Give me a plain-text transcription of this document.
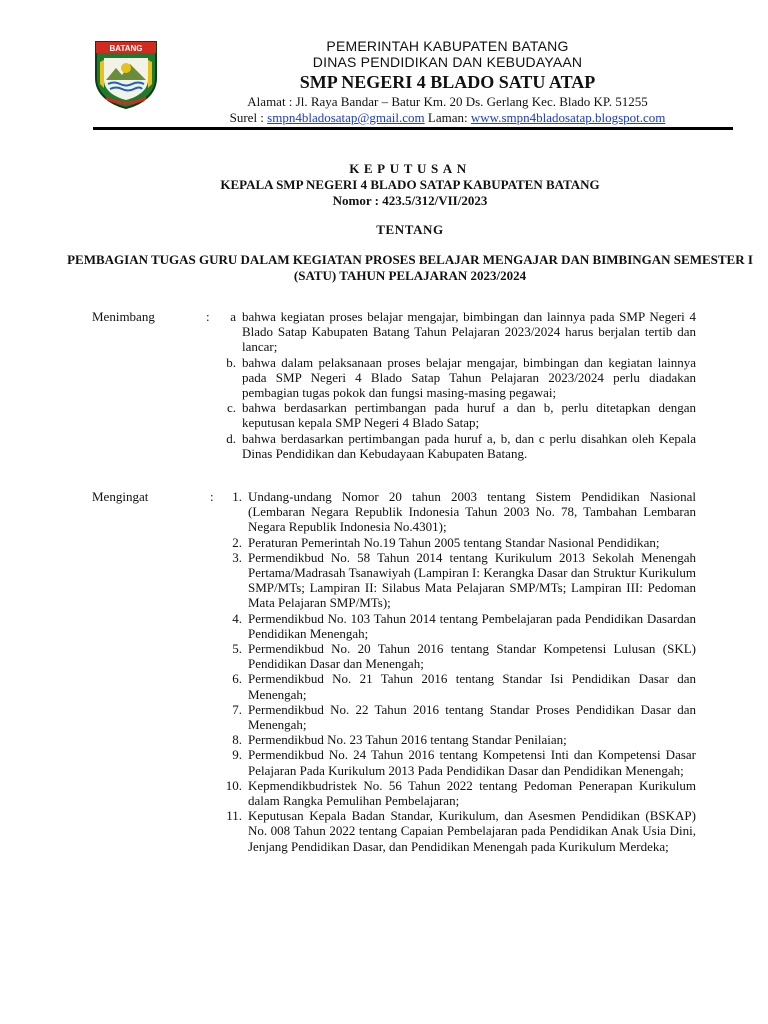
BATANG	PEMERINTAH KABUPATEN BATANG
DINAS PENDIDIKAN DAN KEBUDAYAAN
SMP NEGERI 4 BLADO SATU ATAP
Alamat : Jl. Raya Bandar – Batur Km. 20 Ds. Gerlang Kec. Blado KP. 51255
Surel : smpn4bladosatap@gmail.com Laman: www.smpn4bladosatap.blogspot.com
KEPUTUSAN
KEPALA SMP NEGERI 4 BLADO SATAP KABUPATEN BATANG
Nomor : 423.5/312/VII/2023
TENTANG
PEMBAGIAN TUGAS GURU DALAM KEGIATAN PROSES BELAJAR MENGAJAR DAN BIMBINGAN SEMESTER I (SATU) TAHUN PELAJARAN 2023/2024
Menimbang	:	a bahwa kegiatan proses belajar mengajar, bimbingan dan lainnya pada SMP Negeri 4 Blado Satap Kabupaten Batang Tahun Pelajaran 2023/2024 harus berjalan tertib dan lancar;
b. bahwa dalam pelaksanaan proses belajar mengajar, bimbingan dan kegiatan lainnya pada SMP Negeri 4 Blado Satap Tahun Pelajaran 2023/2024 perlu diadakan pembagian tugas pokok dan fungsi masing-masing pegawai;
c. bahwa berdasarkan pertimbangan pada huruf a dan b, perlu ditetapkan dengan keputusan kepala SMP Negeri 4 Blado Satap;
d. bahwa berdasarkan pertimbangan pada huruf a, b, dan c perlu disahkan oleh Kepala Dinas Pendidikan dan Kebudayaan Kabupaten Batang.
Mengingat	:	1. Undang-undang Nomor 20 tahun 2003 tentang Sistem Pendidikan Nasional (Lembaran Negara Republik Indonesia Tahun 2003 No. 78, Tambahan Lembaran Negara Republik Indonesia No.4301);
2. Peraturan Pemerintah No.19 Tahun 2005 tentang Standar Nasional Pendidikan;
3. Permendikbud No. 58 Tahun 2014 tentang Kurikulum 2013 Sekolah Menengah Pertama/Madrasah Tsanawiyah (Lampiran I: Kerangka Dasar dan Struktur Kurikulum SMP/MTs; Lampiran II: Silabus Mata Pelajaran SMP/MTs; Lampiran III: Pedoman Mata Pelajaran SMP/MTs);
4. Permendikbud No. 103 Tahun 2014 tentang Pembelajaran pada Pendidikan Dasardan Pendidikan Menengah;
5. Permendikbud No. 20 Tahun 2016 tentang Standar Kompetensi Lulusan (SKL) Pendidikan Dasar dan Menengah;
6. Permendikbud No. 21 Tahun 2016 tentang Standar Isi Pendidikan Dasar dan Menengah;
7. Permendikbud No. 22 Tahun 2016 tentang Standar Proses Pendidikan Dasar dan Menengah;
8. Permendikbud No. 23 Tahun 2016 tentang Standar Penilaian;
9. Permendikbud No. 24 Tahun 2016 tentang Kompetensi Inti dan Kompetensi Dasar Pelajaran Pada Kurikulum 2013 Pada Pendidikan Dasar dan Pendidikan Menengah;
10. Kepmendikbudristek No. 56 Tahun 2022 tentang Pedoman Penerapan Kurikulum dalam Rangka Pemulihan Pembelajaran;
11. Keputusan Kepala Badan Standar, Kurikulum, dan Asesmen Pendidikan (BSKAP) No. 008 Tahun 2022 tentang Capaian Pembelajaran pada Pendidikan Anak Usia Dini, Jenjang Pendidikan Dasar, dan Pendidikan Menengah pada Kurikulum Merdeka;
